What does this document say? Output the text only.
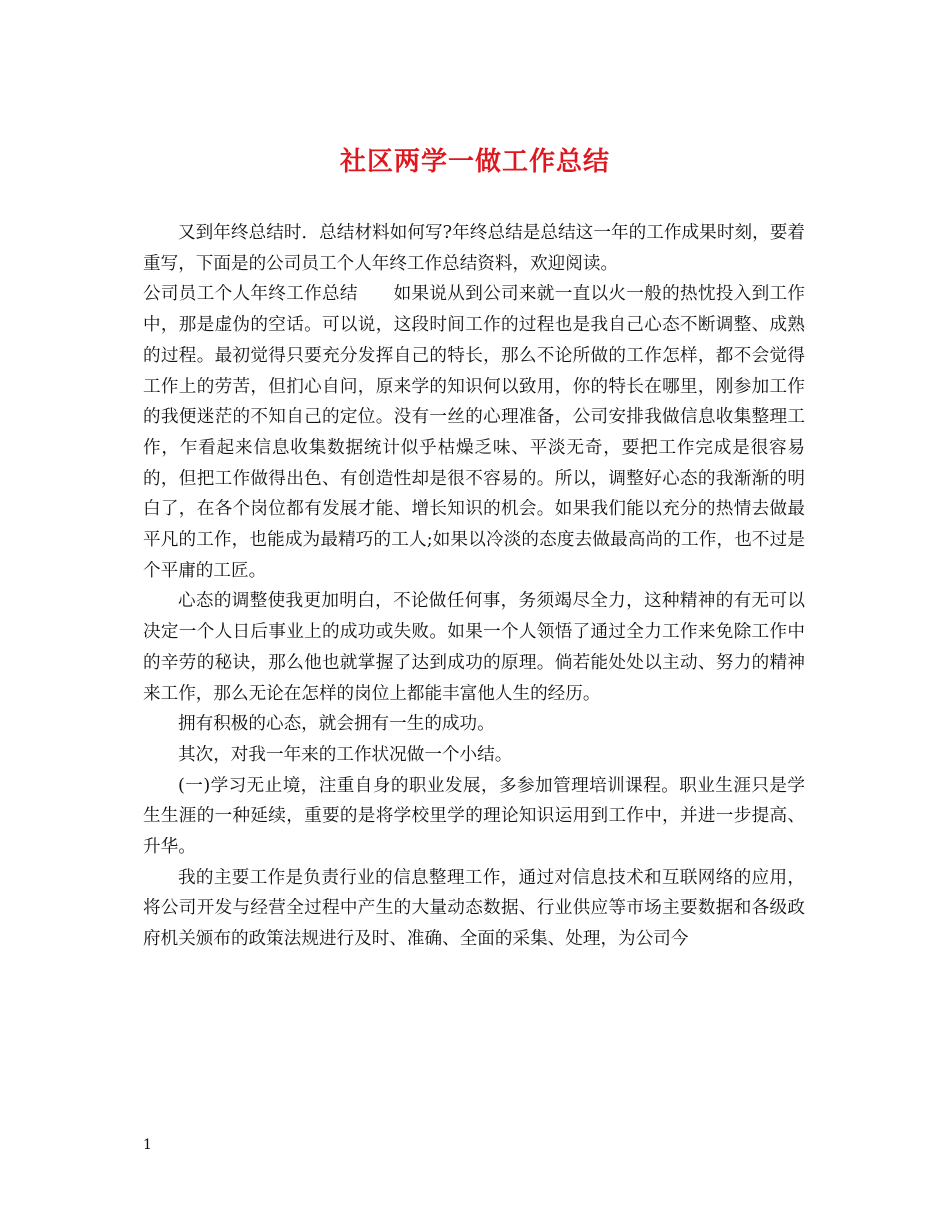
社区两学一做工作总结

又到年终总结时．总结材料如何写?年终总结是总结这一年的工作成果时刻，要着重写，下面是的公司员工个人年终工作总结资料，欢迎阅读。

公司员工个人年终工作总结　　如果说从到公司来就一直以火一般的热忱投入到工作中，那是虚伪的空话。可以说，这段时间工作的过程也是我自己心态不断调整、成熟的过程。最初觉得只要充分发挥自己的特长，那么不论所做的工作怎样，都不会觉得工作上的劳苦，但扪心自问，原来学的知识何以致用，你的特长在哪里，刚参加工作的我便迷茫的不知自己的定位。没有一丝的心理准备，公司安排我做信息收集整理工作，乍看起来信息收集数据统计似乎枯燥乏味、平淡无奇，要把工作完成是很容易的，但把工作做得出色、有创造性却是很不容易的。所以，调整好心态的我渐渐的明白了，在各个岗位都有发展才能、增长知识的机会。如果我们能以充分的热情去做最平凡的工作，也能成为最精巧的工人;如果以冷淡的态度去做最高尚的工作，也不过是个平庸的工匠。

心态的调整使我更加明白，不论做任何事，务须竭尽全力，这种精神的有无可以决定一个人日后事业上的成功或失败。如果一个人领悟了通过全力工作来免除工作中的辛劳的秘诀，那么他也就掌握了达到成功的原理。倘若能处处以主动、努力的精神来工作，那么无论在怎样的岗位上都能丰富他人生的经历。

拥有积极的心态，就会拥有一生的成功。

其次，对我一年来的工作状况做一个小结。

(一)学习无止境，注重自身的职业发展，多参加管理培训课程。职业生涯只是学生生涯的一种延续，重要的是将学校里学的理论知识运用到工作中，并进一步提高、升华。

我的主要工作是负责行业的信息整理工作，通过对信息技术和互联网络的应用，将公司开发与经营全过程中产生的大量动态数据、行业供应等市场主要数据和各级政府机关颁布的政策法规进行及时、准确、全面的采集、处理，为公司今

1
